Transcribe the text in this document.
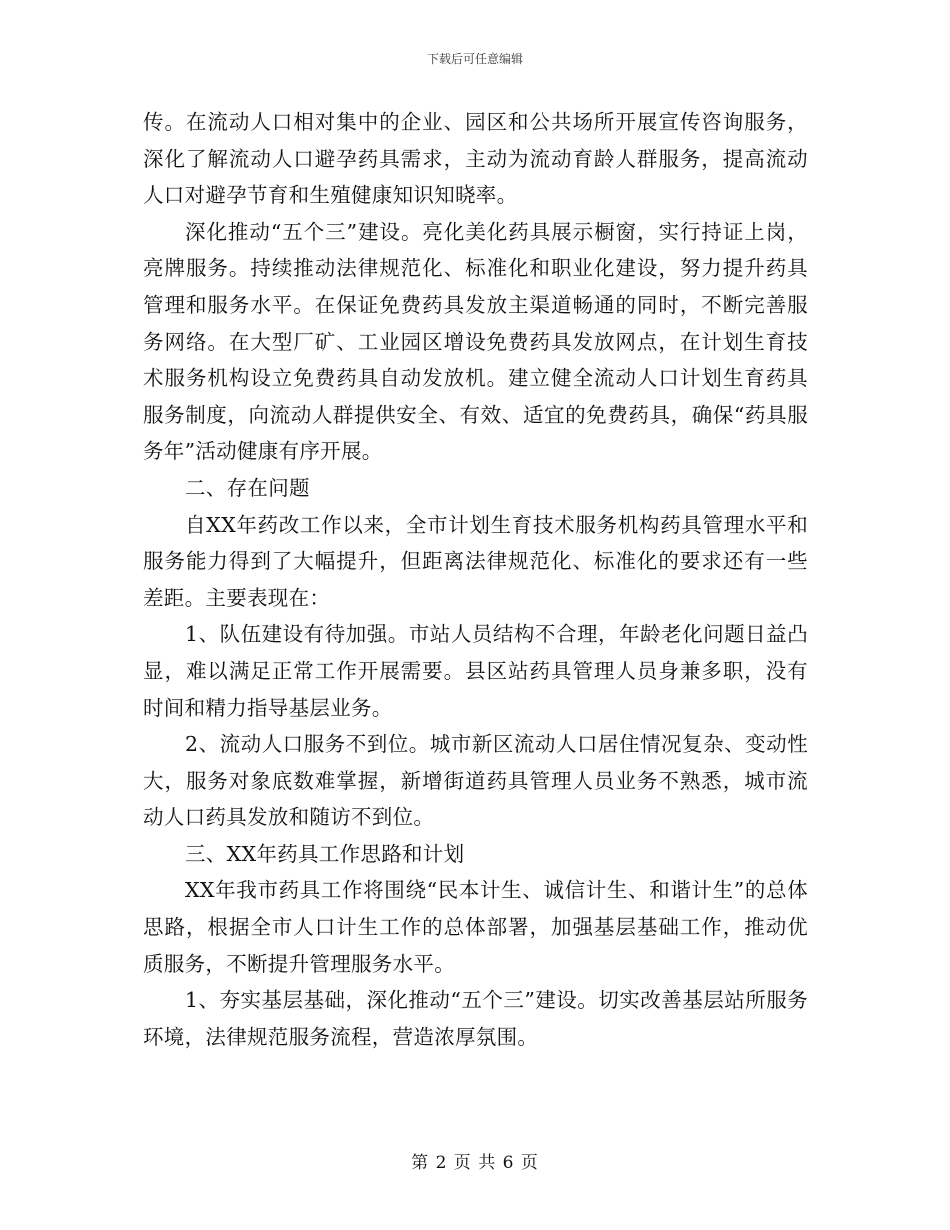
下载后可任意编辑

传。在流动人口相对集中的企业、园区和公共场所开展宣传咨询服务，深化了解流动人口避孕药具需求，主动为流动育龄人群服务，提高流动人口对避孕节育和生殖健康知识知晓率。

深化推动“五个三”建设。亮化美化药具展示橱窗，实行持证上岗，亮牌服务。持续推动法律规范化、标准化和职业化建设，努力提升药具管理和服务水平。在保证免费药具发放主渠道畅通的同时，不断完善服务网络。在大型厂矿、工业园区增设免费药具发放网点，在计划生育技术服务机构设立免费药具自动发放机。建立健全流动人口计划生育药具服务制度，向流动人群提供安全、有效、适宜的免费药具，确保“药具服务年”活动健康有序开展。

二、存在问题

自XX年药改工作以来，全市计划生育技术服务机构药具管理水平和服务能力得到了大幅提升，但距离法律规范化、标准化的要求还有一些差距。主要表现在：

1、队伍建设有待加强。市站人员结构不合理，年龄老化问题日益凸显，难以满足正常工作开展需要。县区站药具管理人员身兼多职，没有时间和精力指导基层业务。

2、流动人口服务不到位。城市新区流动人口居住情况复杂、变动性大，服务对象底数难掌握，新增街道药具管理人员业务不熟悉，城市流动人口药具发放和随访不到位。

三、XX年药具工作思路和计划

XX年我市药具工作将围绕“民本计生、诚信计生、和谐计生”的总体思路，根据全市人口计生工作的总体部署，加强基层基础工作，推动优质服务，不断提升管理服务水平。

1、夯实基层基础，深化推动“五个三”建设。切实改善基层站所服务环境，法律规范服务流程，营造浓厚氛围。

第 2 页 共 6 页
